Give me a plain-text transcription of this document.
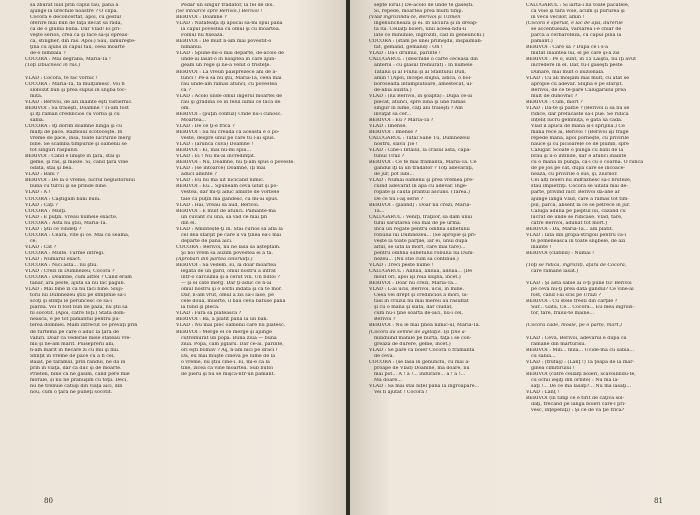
sa zburat luill prin capul tău, până a

ajunge la urechile noastre ? O clipă.

Cocora e deconcertat, apoi, cu gestul

oferire mai bun de faţă decât să râdă,

ca de o glumă bună. Dar Vlad! Ei pri-

veşte serios, crea ca şi face să-şi opreas-

că, stingher, din râs. Apoi:) Sau, lămureşte-

ţină cu ajuns în capul tău, ceea moarte

de-o bimbăla ?

COCORA : Mai degrabă, Măria-Ta !

(Toţi izbucnesc în râs.)

VLAD : Cocora, te fac vornic !

COCORA : Măria-Ta, fă mulţumesc. Voi fi

slobozit bun şi prea supus în slujba toc-

mită.

VLAD : Berivoi, de azi înainte eşti vistiernic.

BERIVOI : Să trăieşti, Doamne ! Ti-am fost

şi îţi rămân credincios cu vorba şi cu

sabia.

COCORA : Iţi dorim doamne lungă şi cu

mulţi de pace. Războiul scotoceşte. In

vreme de pace, însă, toate lucrurile merg

bine. Se scămbă timpurile şi oamenii se

tot singuri răspund.

BERIVOI : Când e linişte în ţară, stai şi

geme, şi râs, şi mieze. Si, când ţara vine

odată, stai şi bea.

VLAD : Bani ?

BERIVOI : De la o vreme, lucrul negustorului

bună cu turcii şi se prinde bine.

VLAD : A !

COCORA : Câştigăm bani buni.

VLAD : Câţi ?

COCORA : Mulţi.

VLAD : E puţin. Vreau numele exacte.

COCORA : Asta nu ştiu, Măria-Ta.

VLAD : Ştii ce vindeţi ?

COCORA : Ceară, vite şi ce. Mai cu seamă,

ce.

VLAD : Cât ?

COCORA : Multe. Turme întregi.

VLAD : Numărul exact.

COCORA : Nici asta... nu ştiu.

VLAD : Crezi în Dumnezeu, Cocora ?

COCORA : Doamne, cum altfel ? Când eram

tânăr, ara peste, ajută să nu fac pagub.

VLAD : Mai bine zi că nu faci bine. Slujî-

torii lui Dumnezeu ştiu pe sfinţenie să-i

scoţi şi sfinţii le poruncesc ce să-i

piardă. Voi fi fost bun de pază, nu ştii să

fii socotit. (Apoi, către toţi.) Stată dom-

nească, e pe tot pământul pentru pu-

terea domniei. Mam întrecut ce prevaţi prin

de turtemă pe care o aduc la ţara de

valuri. Doar că vederile mele stăteau vre-

mii şi ne-am mărit. Puiseprerii ani,

n-am mărit în fiecare zi cu mii şi mii.

Sfinţit în vreme de pace cu a fi cel,

Băiat, pe tărâmul, prin rândul, ne dă în

prin în viaţă, dar ca duc şi de moarte.

Prieten, bine că ne găsim, când pere mie

morale, și nu ne prăbuşim cu toţii. Deci,

nu ne trebuie câtuşi din viaţă aici, din

nou, cum o ţară ne puneţi socotit.

Pedăr un singur trădător, la fel de doi.

(Se întoarce spre Berivoi.) Berivoi !

BERIVOI : Doamne ?

VLAD : Nătăfeaţă îţi apucai să-mi spui până

la capul povestea cu omul şi cu moartea.

Fomul nu fixează.

BERIVOI : De mult n-am mai povestit-o

nimănui.

VLAD : Spune-mi-o mai departe, de-acolo de

unde-ai lăsat-o în noaptea în care ajun-

geam un rege şi ne-a venit o tristeţe.

BERIVOI : La vreun paisprezece ani de a-

tunci ! Pe-a să nu ştii, Măria-Ta, ceea mai

rău unde-am rămas atunci, cu povestea

ca ?

VLAD : Acolo unde omul îngerul moartei de

rău şi grădină ce în felul lumii ce facă de

om.

BERIVOI : (puţin confuz) Unde nu-i cunosc.

Moartea...

VLAD : De ce ţi-e frică ?

BERIVOI : Să nu creadă ca aceasta e o po-

veste, despre unul pe care tu l-ai spus.

VLAD : (aruncă cuva) Doamne !

BERIVOI : Ei, mâi nu-mi spui...

VLAD : Ei ! Nu mi-ai încredinţat.

BERIVOI : Nu, Doamne, nu ţi-am spus o poveste.

VLAD : (se întoarce) Doamne, îţi mai

aduci aminte ?

VLAD : Eu nu mă uit nicicând nimic.

BERIVOI : Eu... Spuneam ceva uitat şi po-

vestea, dar mi-ţi aduc aminte de vorbele

tale ca puţin mă gândesc, că mi-ai spus.

VLAD : Hai, vreau să aud, Berivoi.

BERIVOI : E mult de atunci. Pâmânte-mă

un cuvânt cu una, să văd ce mai ţin

din el.

VLAD : Amintește-ţi în. Stai curios să afla la

cel dea sfârşit pe care îl va ţinea ea-i mai

departe de până aici.

COCORA : Berivoi, nu ne lăsa să așteptăm.

Şi noi vrem să auzim povestea ei a ta.

(Aprobări din partea celorlalţi.)

BERIVOI : Să vedem. Ei, la doar moartea

legată de un gard, omul nostru a intrat

într-o cârciumă şi a cerut vin. Un butoi ?

— şi el câte merg. Dar ţi-aduc ce n-ai

omul nostru şi o sorbi îndată şi ca te mor.

Dar, n-am vrut, omul a zis să-l lase, pe

cele două, muerte, îl bău ceva bătuse până

la fund şi plecă.

VLAD : Fără să plătească ?

BERIVOI : Bă, a plătit până la un ban.

VLAD : Nu mai plec oamenii care nu plătesc.

BERIVOI : Merge el ce merge şi ajunge

cutremurat un popă. Bună ziua — bună

ziua. Popa, cam jiglăru. Dar ce-ai, părinte,

ori eşti bolnav ? Aş, n-am nici pe draci !

Da, eu mai muşte cineva pe lume de la

o vreme, nu ştiu cine-i. Ei, mi-e ca la

tine, zicea că vine moartea. Sub butoi

de pieru şi nu se mişcă-ntr-un pământ.

80

septe lorul.) De-acolo de unde te găsești.

Si, repede, moartea prea multi timp.

(Vlad îngrozindu-te, Berivoi şi Uzmen

îngenunchează şi ei. In ulciura şi în dreap-

ta lui. Ceilalţi boieri, unii aceea-ndu-li

late ce minunile, ingroziti, cad în geneunchi.)

COCORA : (stăm pe unei primejdii, înspăimân-

tat, gemând, gemând) : Oh !

VLAD : Dă-i drumul, părinte !

CĂLUGĂRUL : (deschide o carte ceceasă din

anteriu : cu glasul tremurat) : In numele

Tatălui şi al Fiului şi al Sfântului Duh,

amin ! (Apoi, începe slujba, adică, o bol-

borosealta întâmplătoare, amestecat, ul-

de-abia auzită.)

VLAD : (lui Berivoi, în şoaptă) : După ce-ai

plecat, atunci, spre lună şi une rămas

singur în lume, câţi ani trăieşti ? Am

învăţat să cer...

BERIVOI : Eu ? Măria-Ta ?

VLAD : Imense.

BERIVOI : Imense ?

CĂLUGĂRUL : Tatăl Sâne Tu, Dumnezeul

nostru, slavă Ţie !

VLAD : Cine-i Intâiul, la crasul asta, căpă-

tunul Uraz ?

BERIVOI : Ce te mai frământă, Măria-Ta. Ce

gândul îţi la un trădător ? Toţi adevăraţi,

de jur, pot iubi...

VLAD : Numai oamenii şi prea vremea pre-

cuind adevărat în apa cu adevăr. Înge-

ropate şi caută prantul ascuns. (Tarea.)

De ce nu i-aş serie ?

BERIVOI : (palind) : Doar nu crezi, Măria-

Ta...

CĂLUGĂRUL : Veniţi, fraţilor, să dăm unui

tului sărutarea cea mai de pe urmă.

Încă un regăte pentru odihna sufletului

robului lui Dumnezeu... (Se apropie şi pri-

vește la toate părţile, iar ei, unui după

altul, se uită la mort, care mai tare)...

pentru odihna sufletului robului lui Dum-

nezeu... (Nu stie cum să continue.)

VLAD : Treci peste nume !

CĂLUGĂRUL : Aliluia, aliluia, aliluia... (De

mout ori, apoi îşi reia slujba, încet.)

BERIVOI : Doar nu crezi, Măria-Ta...

VLAD : L-ai ucis, Berivoi, ucis, în mine.

Ceea vei drept şi credincios a mori, ui-

tasi în cruzul nu mai mereu au răsuflat

şi cu o mană şi slată, dar ciudat,

cum nu-i ţine soarta de-aici, nu-i cel,

Berivoi ?

BERIVOI : Nu le mai ţinea nimic-ul, Măria-Ta.

(Cocora dă semne de agitaţie. Îşi ţine a-

minduind mânile pe burtă, faţa i se con-

grează de durere, geme, încet.)

VLAD : Se pare că boier Cocora o frământă

de ceva.

COCORA : (se lasă în genunchi, cu mai a-

proape de Vlad) Doamne, mă doare, nu

mai pot... A ! a !... îndurare... a ! a !...

Mă doare...

VLAD : Să mai stai nițel până la îngroapare...

Vei fi ajutat ! Cocora !

CĂLUGĂRUL : Si iartă-i lui toate păcatele,

ca voie şi fără voie, acum şi pururea şi

în vecii vecilor, amin !

(Cocora e speriat, e lac de apă, durerile

se accentuează, vărsarea i-e chiar de

parcă a cerbaroteză, cu capul pină la

pământ.)

BERIVOI : Care să ? După ce i s-a

mutat înaintea lui, el pe care şi-a zis

BERIVOI : Pe o, sunt, în 15 Laiştii, nu îţi avut

încredere în el. Dar, tu-l găseşti peste

Dunăre, mai mult o iluzională.

VLAD : Cu ali moişam mai mult, cu atât se

apropie cu adevăr. Slujba e pe sfârşit.

Berivoi, de ce te-pare Călugărului prea

mult de duhovnic ?

BERIVOI : Cum, mort ?

VLAD : Da-te şi păltie ? (Berivoi îi să nu se

ridice, dar prefacaste să-l pue. Se ridică

Înțeliț lucru gemnuță, e gata să cadă.

Vlad îl apucă de mână și-l sprijină.) Ce

mână rece ai, Berivoi ! (Berivoi îşi trage

repede mâna, apoi porneşte, cu privirile

năuce şi cu picioarele ce de plumb, spre

Călugăr. Scoate o pungă cu bani de la

brâu şi îi-o întinde, dar e atunci înainte

cu o mână în pungă, ca-i cu o coarnă. O ridică

de pe jos pe cât, după care se încoace-

nează, cu privirile o sus, şi, ziurilor.

Cei alți boieri nu îndrăznesc să-l bruteze,

stau împietriţi. Cocora se uitată mai de-

parte, privind lucr. Berivoi da-ahe ar

ajunge lângă Vlad, care a rămas tot tim-

pul, parcă, absent la ce se petrece în jur.

Căluga adună pe pieptul lui, căzând cu

lucrat de unde se ridicase. Vlad, tare,

către Berivoi, adunăt tot mort.)

BERIVOI : Da, Măria-Ta... am plătit.

VLAD : Iată din gropa-strigoii pentru ca-i

te pomenească în toate slujbele, de azi

înainte !

BERIVOI (clatind) : Numai !

(Toţi se ridică, îngroziți, afară de Cocora,

care rămâne lăsat.)

VLAD : Şi asta sabie ai o-ţi pune tu! Berivoi

pe ceva nu-ţi prea dată gândul? Ce vine-ai

fost, când l-ai scis pe Urazi ?

BERIVOI : Cu stele tresti din cărţile ?

Sur... Gata, Ce... Cocora... Eu mea îngrozi-

tor, tare, fraiul-te mâine...

(Cocora cade, moale, pe o parte, mort.)

VLAD : Ceva, Berivoi, adevărul e după că

rămâne din mărturisii.

BERIVOI : Mili... mila... Ucide-mă cu sabia...

cu sabia...

VLAD : (trufaş) : (Lanţ !) Ta ţeapa de la mar-

ginea cimitirului !

BERIVOI (către ceilalţi boieri, scăvoilindu-te,

cu ochii ieşiţi din orbite) : Nu mă lă-

saţi !... De ce mă lăsaţi?... Nu mă lăsaţi...

VLAD : Lanţ !

BERIVOI (în timp ce e tîrît de câţiva sol-

daţi, trecând pe lângă boieri care-l pri-

vesc, înţepeniţi) : Şi ce de vă ţie frică?

81
